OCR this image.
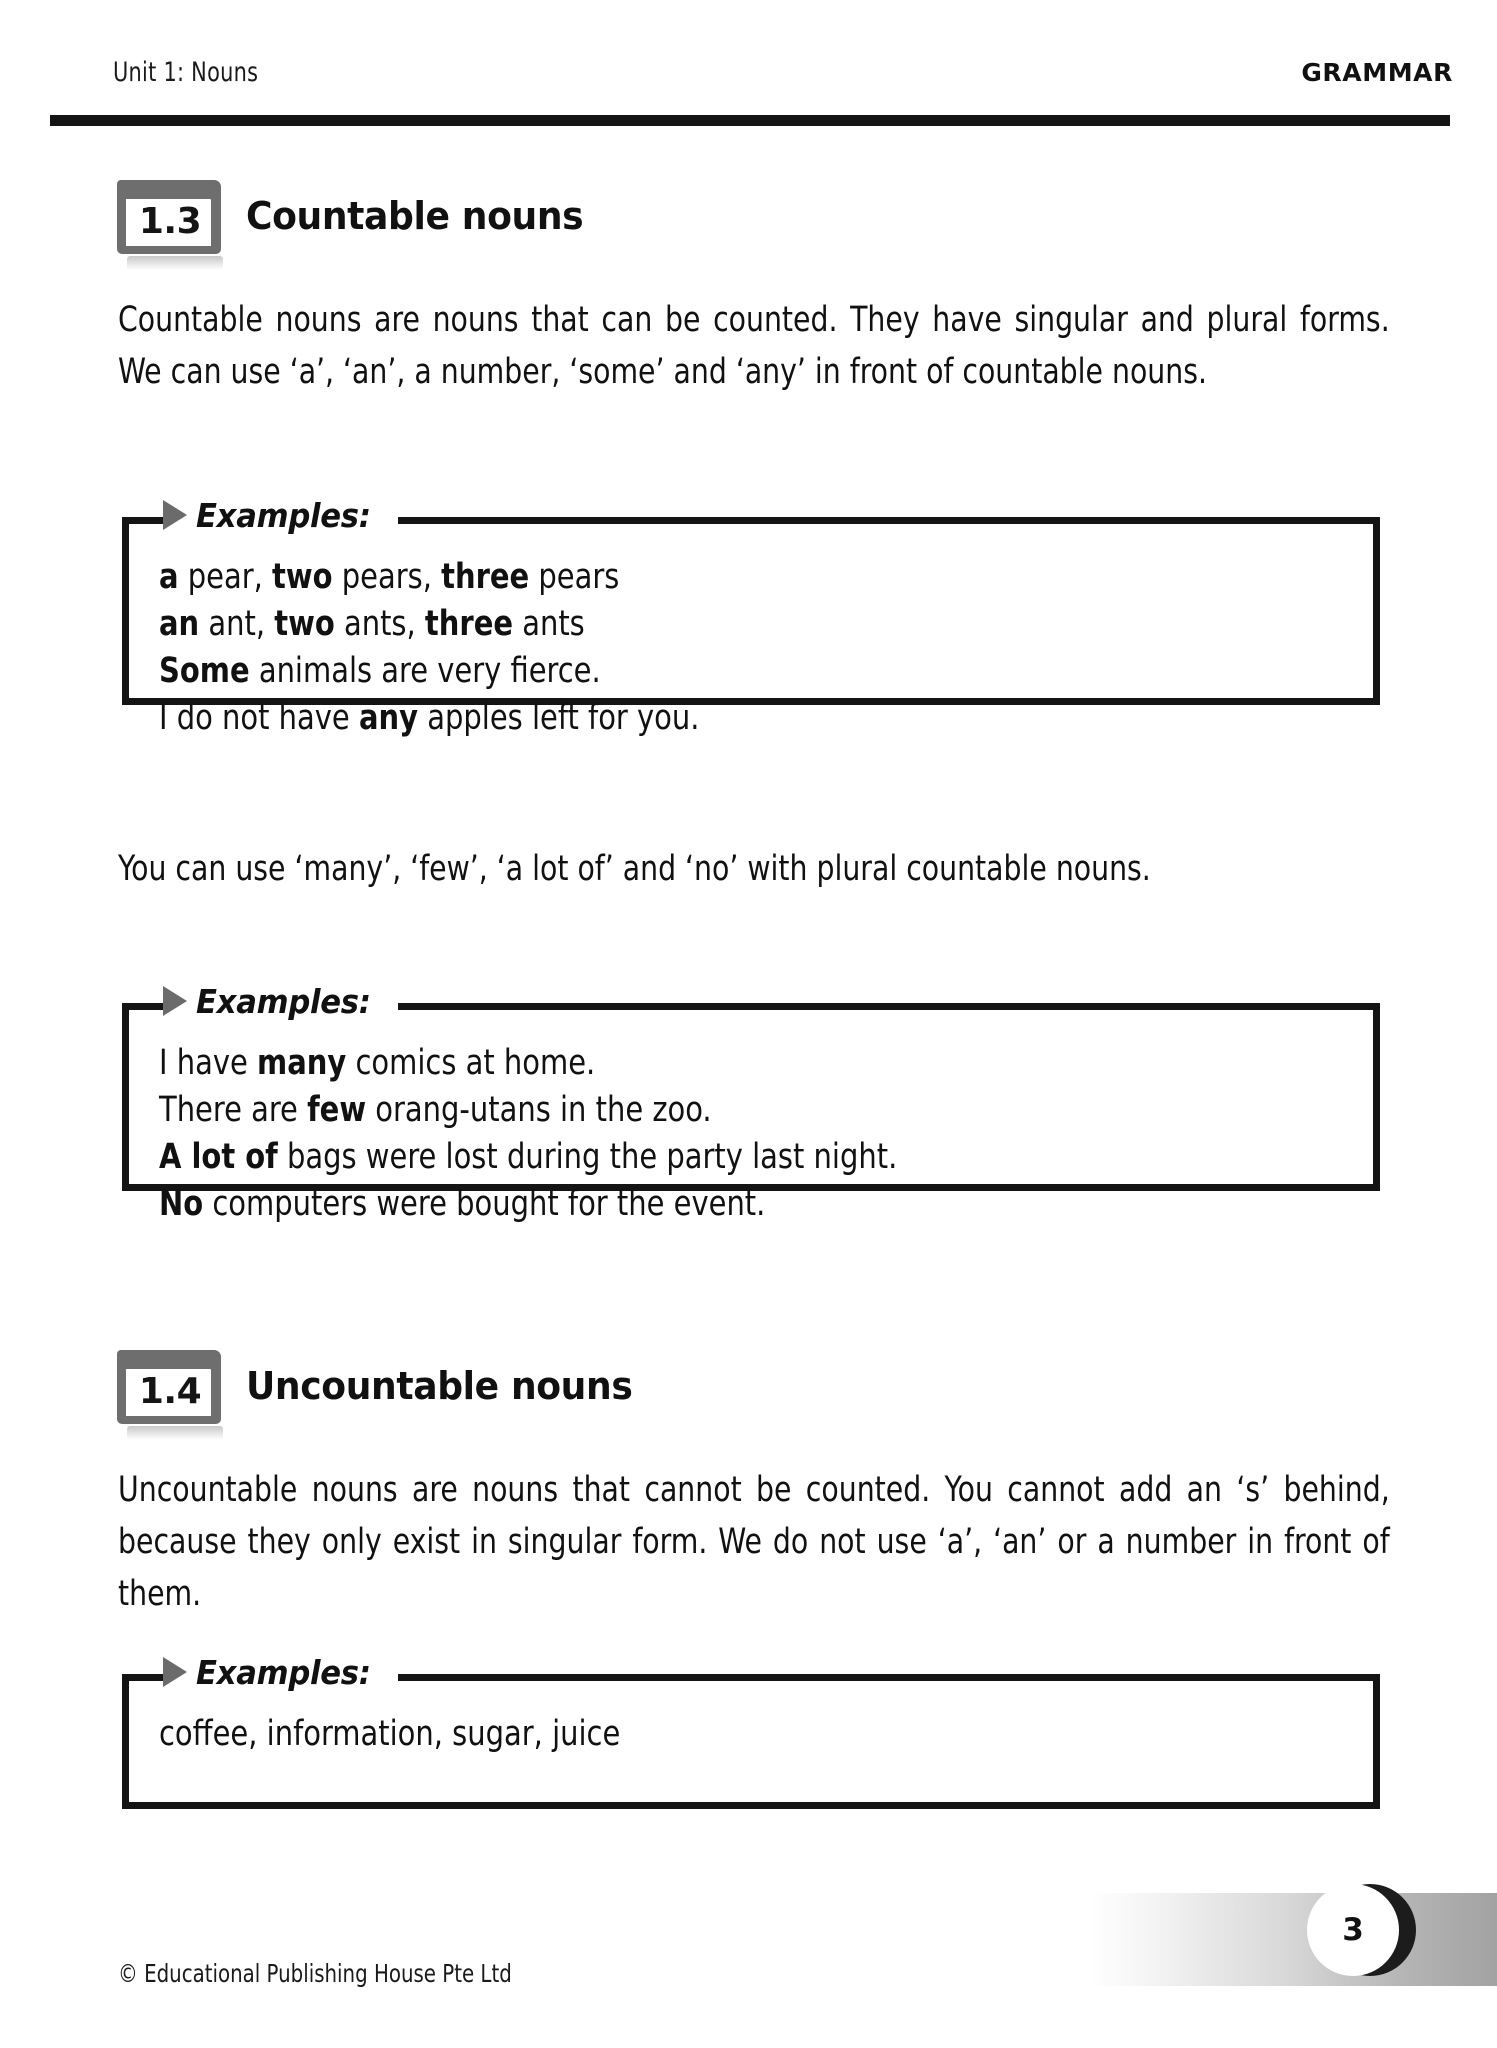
Unit 1: Nouns	GRAMMAR
1.3	Countable nouns
Countable nouns are nouns that can be counted. They have singular and plural forms. We can use ‘a’, ‘an’, a number, ‘some’ and ‘any’ in front of countable nouns.
Examples:
a pear, two pears, three pears
an ant, two ants, three ants
Some animals are very fierce.
I do not have any apples left for you.
You can use ‘many’, ‘few’, ‘a lot of’ and ‘no’ with plural countable nouns.
Examples:
I have many comics at home.
There are few orang-utans in the zoo.
A lot of bags were lost during the party last night.
No computers were bought for the event.
1.4	Uncountable nouns
Uncountable nouns are nouns that cannot be counted. You cannot add an ‘s’ behind, because they only exist in singular form. We do not use ‘a’, ‘an’ or a number in front of them.
Examples:
coffee, information, sugar, juice
© Educational Publishing House Pte Ltd
3
